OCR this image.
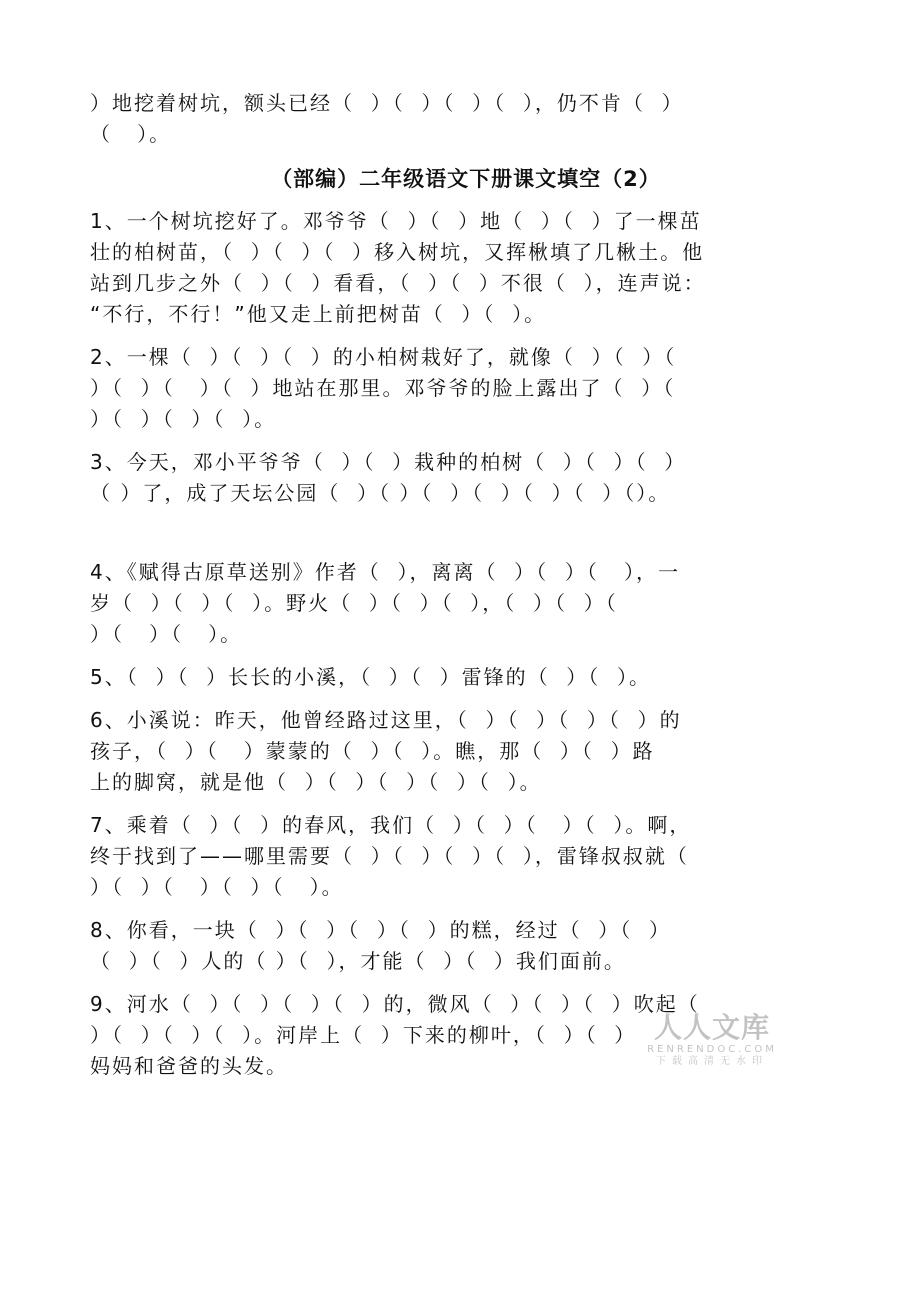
）地挖着树坑，额头已经（  ）（  ）（  ）（  ），仍不肯（  ）

（   ）。

（部编）二年级语文下册课文填空（2）

1、一个树坑挖好了。邓爷爷（  ）（  ）地（  ）（  ）了一棵茁

壮的柏树苗，（  ）（  ）（  ）移入树坑，又挥楸填了几楸土。他

站到几步之外（  ）（  ）看看，（  ）（  ）不很（  ），连声说：

“不行，不行！”他又走上前把树苗（  ）（  ）。

2、一棵（  ）（  ）（  ）的小柏树栽好了，就像（  ）（  ）（

）（  ）（   ）（  ）地站在那里。邓爷爷的脸上露出了（  ）（

）（  ）（  ）（  ）。

3、今天，邓小平爷爷（  ）（  ）栽种的柏树（  ）（  ）（  ）

（ ）了，成了天坛公园（  ）（ ）（  ）（  ）（  ）（  ）（）。

4、《赋得古原草送别》作者（  ），离离（  ）（  ）（   ），一

岁（  ）（  ）（  ）。野火（  ）（  ）（  ），（  ）（  ）（

）（   ）（   ）。

5、（  ）（  ）长长的小溪，（  ）（  ）雷锋的（  ）（  ）。

6、小溪说：昨天，他曾经路过这里，（  ）（  ）（  ）（  ）的

孩子，（  ）（   ）蒙蒙的（  ）（  ）。瞧，那（  ）（  ）路

上的脚窝，就是他（  ）（  ）（  ）（  ）（  ）。

7、乘着（  ）（  ）的春风，我们（  ）（  ）（   ）（  ）。啊，

终于找到了——哪里需要（  ）（  ）（  ）（  ），雷锋叔叔就（

）（  ）（   ）（  ）（   ）。

8、你看，一块（  ）（  ）（  ）（  ）的糕，经过（  ）（  ）

（  ）（  ）人的（ ）（  ），才能（  ）（  ）我们面前。

9、河水（  ）（  ）（  ）（  ）的，微风（  ）（  ）（  ）吹起（

）（  ）（  ）（  ）。河岸上（  ）下来的柳叶，（  ）（  ）

妈妈和爸爸的头发。

人人文库
RENRENDOC.COM
下载高清无水印
